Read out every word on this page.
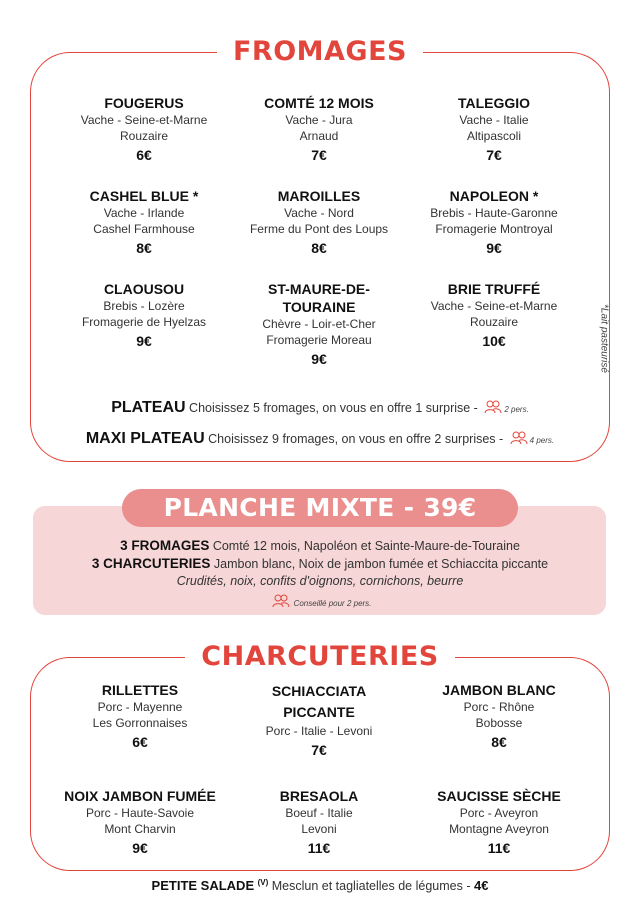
FROMAGES
FOUGERUS
Vache - Seine-et-Marne
Rouzaire
6€
COMTÉ 12 MOIS
Vache - Jura
Arnaud
7€
TALEGGIO
Vache - Italie
Altipascoli
7€
CASHEL BLUE *
Vache - Irlande
Cashel Farmhouse
8€
MAROILLES
Vache - Nord
Ferme du Pont des Loups
8€
NAPOLEON *
Brebis - Haute-Garonne
Fromagerie Montroyal
9€
CLAOUSOU
Brebis - Lozère
Fromagerie de Hyelzas
9€
ST-MAURE-DE-
TOURAINE
Chèvre - Loir-et-Cher
Fromagerie Moreau
9€
BRIE TRUFFÉ
Vache - Seine-et-Marne
Rouzaire
10€	*Lait pasteurisé
PLATEAU Choisissez 5 fromages, on vous en offre 1 surprise -	2 pers.
MAXI PLATEAU Choisissez 9 fromages, on vous en offre 2 surprises -	4 pers.
PLANCHE MIXTE - 39€
3 FROMAGES Comté 12 mois, Napoléon et Sainte-Maure-de-Touraine
3 CHARCUTERIES Jambon blanc, Noix de jambon fumée et Schiaccita piccante
Crudités, noix, confits d'oignons, cornichons, beurre
Conseillé pour 2 pers.
CHARCUTERIES
RILLETTES
Porc - Mayenne
Les Gorronnaises
6€
SCHIACCIATA
PICCANTE
Porc - Italie - Levoni
7€
JAMBON BLANC
Porc - Rhône
Bobosse
8€
NOIX JAMBON FUMÉE
Porc - Haute-Savoie
Mont Charvin
9€
BRESAOLA
Boeuf - Italie
Levoni
11€
SAUCISSE SÈCHE
Porc - Aveyron
Montagne Aveyron
11€
PETITE SALADE $^{(V)}$ Mesclun et tagliatelles de légumes - 4€
